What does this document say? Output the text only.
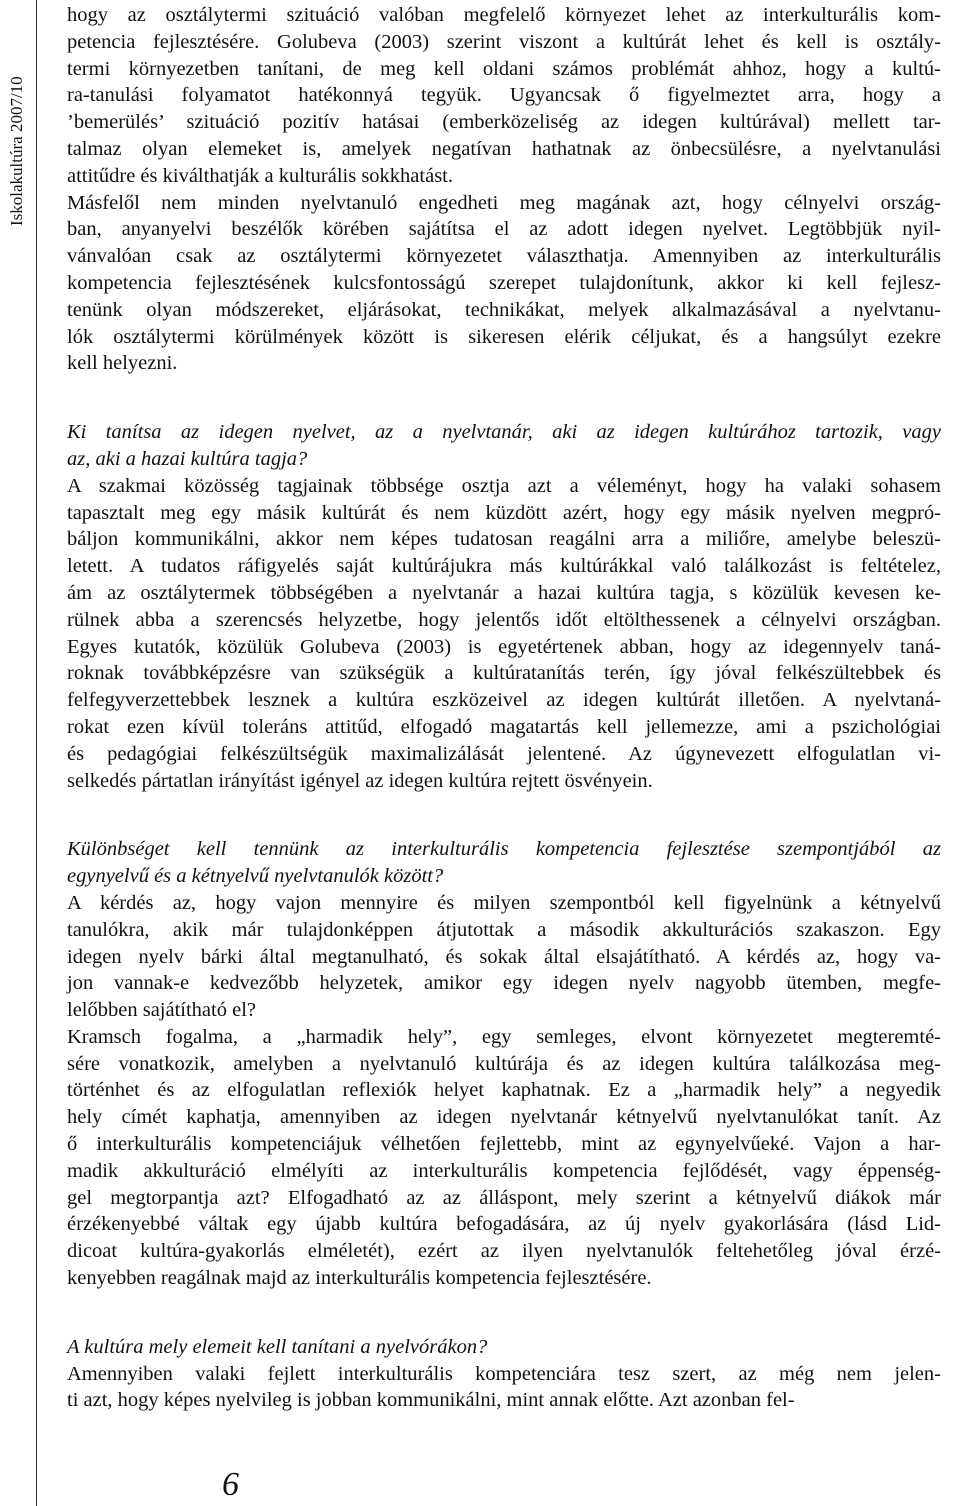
Iskolakultúra 2007/10

hogy az osztálytermi szituáció valóban megfelelő környezet lehet az interkulturális kom-
petencia fejlesztésére. Golubeva (2003) szerint viszont a kultúrát lehet és kell is osztály-
termi környezetben tanítani, de meg kell oldani számos problémát ahhoz, hogy a kultú-
ra-tanulási folyamatot hatékonnyá tegyük. Ugyancsak ő figyelmeztet arra, hogy a
’bemerülés’ szituáció pozitív hatásai (emberközeliség az idegen kultúrával) mellett tar-
talmaz olyan elemeket is, amelyek negatívan hathatnak az önbecsülésre, a nyelvtanulási
attitűdre és kiválthatják a kulturális sokkhatást.

Másfelől nem minden nyelvtanuló engedheti meg magának azt, hogy célnyelvi ország-
ban, anyanyelvi beszélők körében sajátítsa el az adott idegen nyelvet. Legtöbbjük nyil-
vánvalóan csak az osztálytermi környezetet választhatja. Amennyiben az interkulturális
kompetencia fejlesztésének kulcsfontosságú szerepet tulajdonítunk, akkor ki kell fejlesz-
tenünk olyan módszereket, eljárásokat, technikákat, melyek alkalmazásával a nyelvtanu-
lók osztálytermi körülmények között is sikeresen elérik céljukat, és a hangsúlyt ezekre
kell helyezni.

Ki tanítsa az idegen nyelvet, az a nyelvtanár, aki az idegen kultúrához tartozik, vagy
az, aki a hazai kultúra tagja?

A szakmai közösség tagjainak többsége osztja azt a véleményt, hogy ha valaki sohasem
tapasztalt meg egy másik kultúrát és nem küzdött azért, hogy egy másik nyelven megpró-
báljon kommunikálni, akkor nem képes tudatosan reagálni arra a miliőre, amelybe beleszü-
letett. A tudatos ráfigyelés saját kultúrájukra más kultúrákkal való találkozást is feltételez,
ám az osztálytermek többségében a nyelvtanár a hazai kultúra tagja, s közülük kevesen ke-
rülnek abba a szerencsés helyzetbe, hogy jelentős időt eltölthessenek a célnyelvi országban.
Egyes kutatók, közülük Golubeva (2003) is egyetértenek abban, hogy az idegennyelv taná-
roknak továbbképzésre van szükségük a kultúratanítás terén, így jóval felkészültebbek és
felfegyverzettebbek lesznek a kultúra eszközeivel az idegen kultúrát illetően. A nyelvtaná-
rokat ezen kívül toleráns attitűd, elfogadó magatartás kell jellemezze, ami a pszichológiai
és pedagógiai felkészültségük maximalizálását jelentené. Az úgynevezett elfogulatlan vi-
selkedés pártatlan irányítást igényel az idegen kultúra rejtett ösvényein.

Különbséget kell tennünk az interkulturális kompetencia fejlesztése szempontjából az
egynyelvű és a kétnyelvű nyelvtanulók között?

A kérdés az, hogy vajon mennyire és milyen szempontból kell figyelnünk a kétnyelvű
tanulókra, akik már tulajdonképpen átjutottak a második akkulturációs szakaszon. Egy
idegen nyelv bárki által megtanulható, és sokak által elsajátítható. A kérdés az, hogy va-
jon vannak-e kedvezőbb helyzetek, amikor egy idegen nyelv nagyobb ütemben, megfe-
lelőbben sajátítható el?

Kramsch fogalma, a „harmadik hely”, egy semleges, elvont környezetet megteremté-
sére vonatkozik, amelyben a nyelvtanuló kultúrája és az idegen kultúra találkozása meg-
történhet és az elfogulatlan reflexiók helyet kaphatnak. Ez a „harmadik hely” a negyedik
hely címét kaphatja, amennyiben az idegen nyelvtanár kétnyelvű nyelvtanulókat tanít. Az
ő interkulturális kompetenciájuk vélhetően fejlettebb, mint az egynyelvűeké. Vajon a har-
madik akkulturáció elmélyíti az interkulturális kompetencia fejlődését, vagy éppenség-
gel megtorpantja azt? Elfogadható az az álláspont, mely szerint a kétnyelvű diákok már
érzékenyebbé váltak egy újabb kultúra befogadására, az új nyelv gyakorlására (lásd Lid-
dicoat kultúra-gyakorlás elméletét), ezért az ilyen nyelvtanulók feltehetőleg jóval érzé-
kenyebben reagálnak majd az interkulturális kompetencia fejlesztésére.

A kultúra mely elemeit kell tanítani a nyelvórákon?

Amennyiben valaki fejlett interkulturális kompetenciára tesz szert, az még nem jelen-
ti azt, hogy képes nyelvileg is jobban kommunikálni, mint annak előtte. Azt azonban fel-

6
